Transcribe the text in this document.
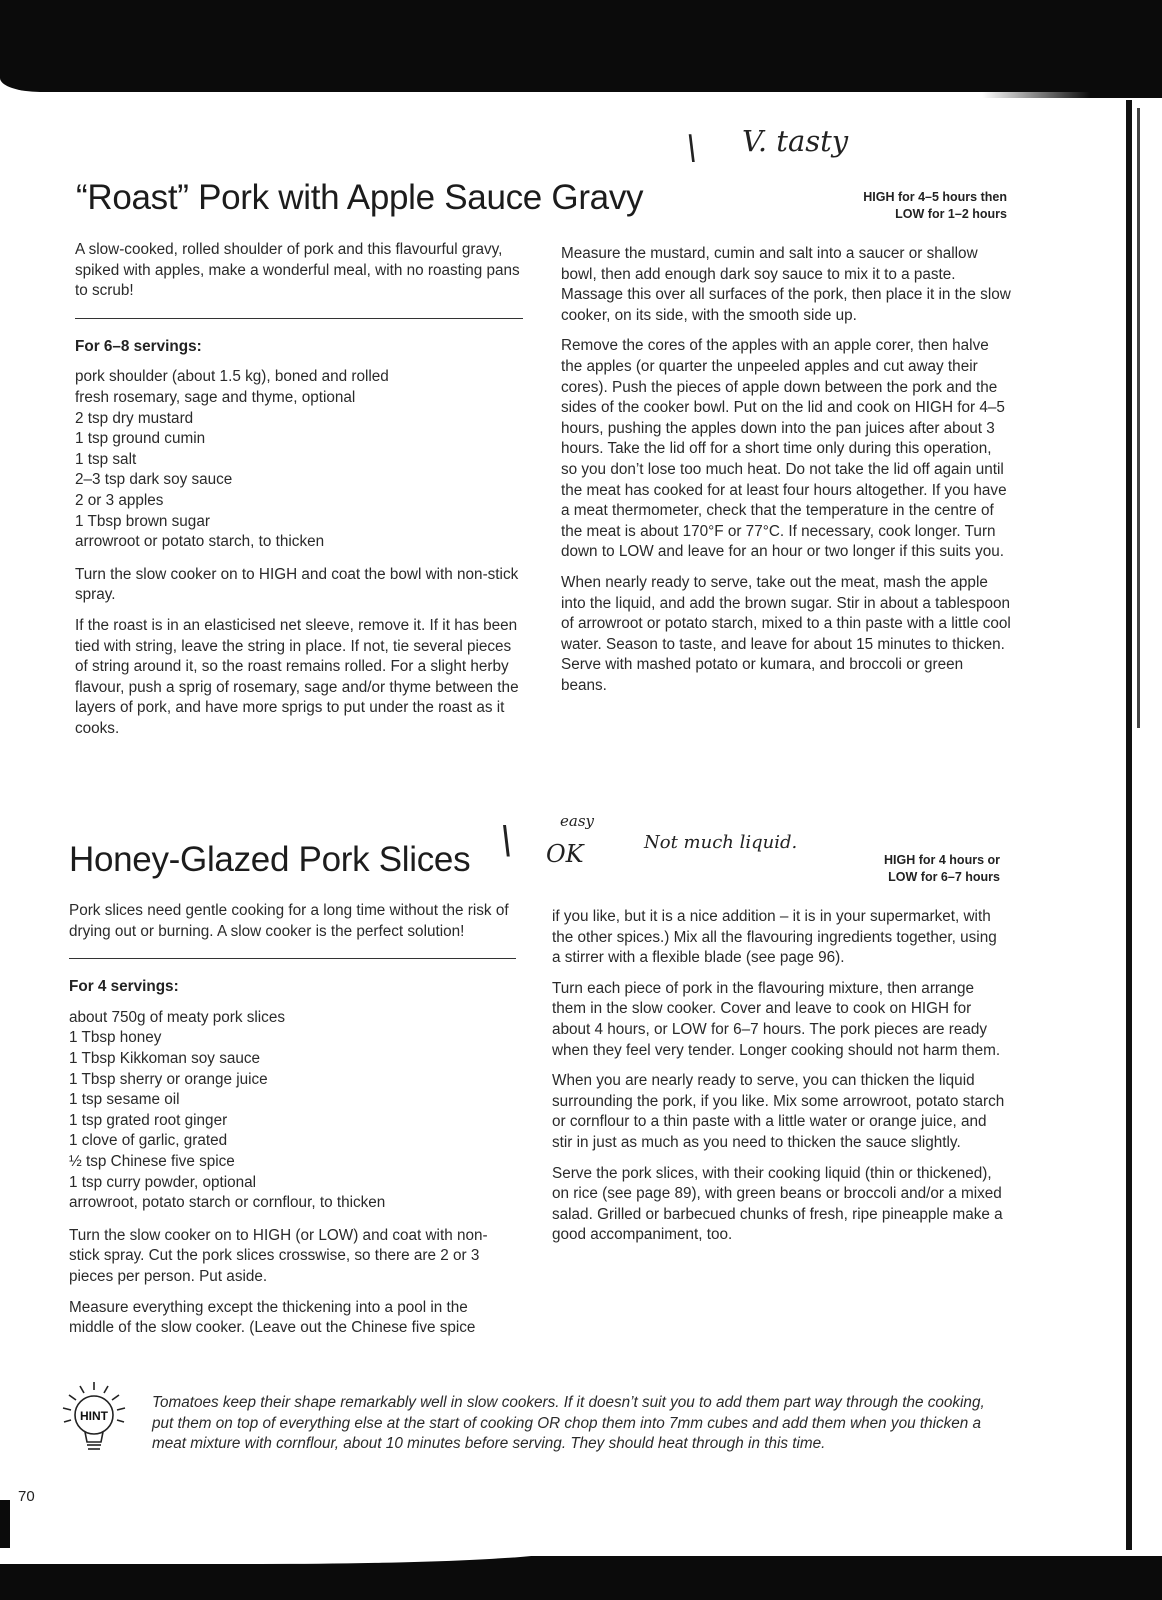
\ V. tasty
“Roast” Pork with Apple Sauce Gravy	HIGH for 4–5 hours then
LOW for 1–2 hours

A slow-cooked, rolled shoulder of pork and this flavourful gravy, spiked with apples, make a wonderful meal, with no roasting pans to scrub!

For 6–8 servings:

pork shoulder (about 1.5 kg), boned and rolled
fresh rosemary, sage and thyme, optional
2 tsp dry mustard
1 tsp ground cumin
1 tsp salt
2–3 tsp dark soy sauce
2 or 3 apples
1 Tbsp brown sugar
arrowroot or potato starch, to thicken

Turn the slow cooker on to HIGH and coat the bowl with non-stick spray.

If the roast is in an elasticised net sleeve, remove it. If it has been tied with string, leave the string in place. If not, tie several pieces of string around it, so the roast remains rolled. For a slight herby flavour, push a sprig of rosemary, sage and/or thyme between the layers of pork, and have more sprigs to put under the roast as it cooks.

Measure the mustard, cumin and salt into a saucer or shallow bowl, then add enough dark soy sauce to mix it to a paste. Massage this over all surfaces of the pork, then place it in the slow cooker, on its side, with the smooth side up.

Remove the cores of the apples with an apple corer, then halve the apples (or quarter the unpeeled apples and cut away their cores). Push the pieces of apple down between the pork and the sides of the cooker bowl. Put on the lid and cook on HIGH for 4–5 hours, pushing the apples down into the pan juices after about 3 hours. Take the lid off for a short time only during this operation, so you don’t lose too much heat. Do not take the lid off again until the meat has cooked for at least four hours altogether. If you have a meat thermometer, check that the temperature in the centre of the meat is about 170°F or 77°C. If necessary, cook longer. Turn down to LOW and leave for an hour or two longer if this suits you.

When nearly ready to serve, take out the meat, mash the apple into the liquid, and add the brown sugar. Stir in about a tablespoon of arrowroot or potato starch, mixed to a thin paste with a little cool water. Season to taste, and leave for about 15 minutes to thicken. Serve with mashed potato or kumara, and broccoli or green beans.

\	easy
OK	Not much liquid.
Honey-Glazed Pork Slices	HIGH for 4 hours or
LOW for 6–7 hours

Pork slices need gentle cooking for a long time without the risk of drying out or burning. A slow cooker is the perfect solution!

For 4 servings:

about 750g of meaty pork slices
1 Tbsp honey
1 Tbsp Kikkoman soy sauce
1 Tbsp sherry or orange juice
1 tsp sesame oil
1 tsp grated root ginger
1 clove of garlic, grated
½ tsp Chinese five spice
1 tsp curry powder, optional
arrowroot, potato starch or cornflour, to thicken

Turn the slow cooker on to HIGH (or LOW) and coat with non-stick spray. Cut the pork slices crosswise, so there are 2 or 3 pieces per person. Put aside.

Measure everything except the thickening into a pool in the middle of the slow cooker. (Leave out the Chinese five spice

if you like, but it is a nice addition – it is in your supermarket, with the other spices.) Mix all the flavouring ingredients together, using a stirrer with a flexible blade (see page 96).

Turn each piece of pork in the flavouring mixture, then arrange them in the slow cooker. Cover and leave to cook on HIGH for about 4 hours, or LOW for 6–7 hours. The pork pieces are ready when they feel very tender. Longer cooking should not harm them.

When you are nearly ready to serve, you can thicken the liquid surrounding the pork, if you like. Mix some arrowroot, potato starch or cornflour to a thin paste with a little water or orange juice, and stir in just as much as you need to thicken the sauce slightly.

Serve the pork slices, with their cooking liquid (thin or thickened), on rice (see page 89), with green beans or broccoli and/or a mixed salad. Grilled or barbecued chunks of fresh, ripe pineapple make a good accompaniment, too.

HINT

Tomatoes keep their shape remarkably well in slow cookers. If it doesn’t suit you to add them part way through the cooking, put them on top of everything else at the start of cooking OR chop them into 7mm cubes and add them when you thicken a meat mixture with cornflour, about 10 minutes before serving. They should heat through in this time.

70
